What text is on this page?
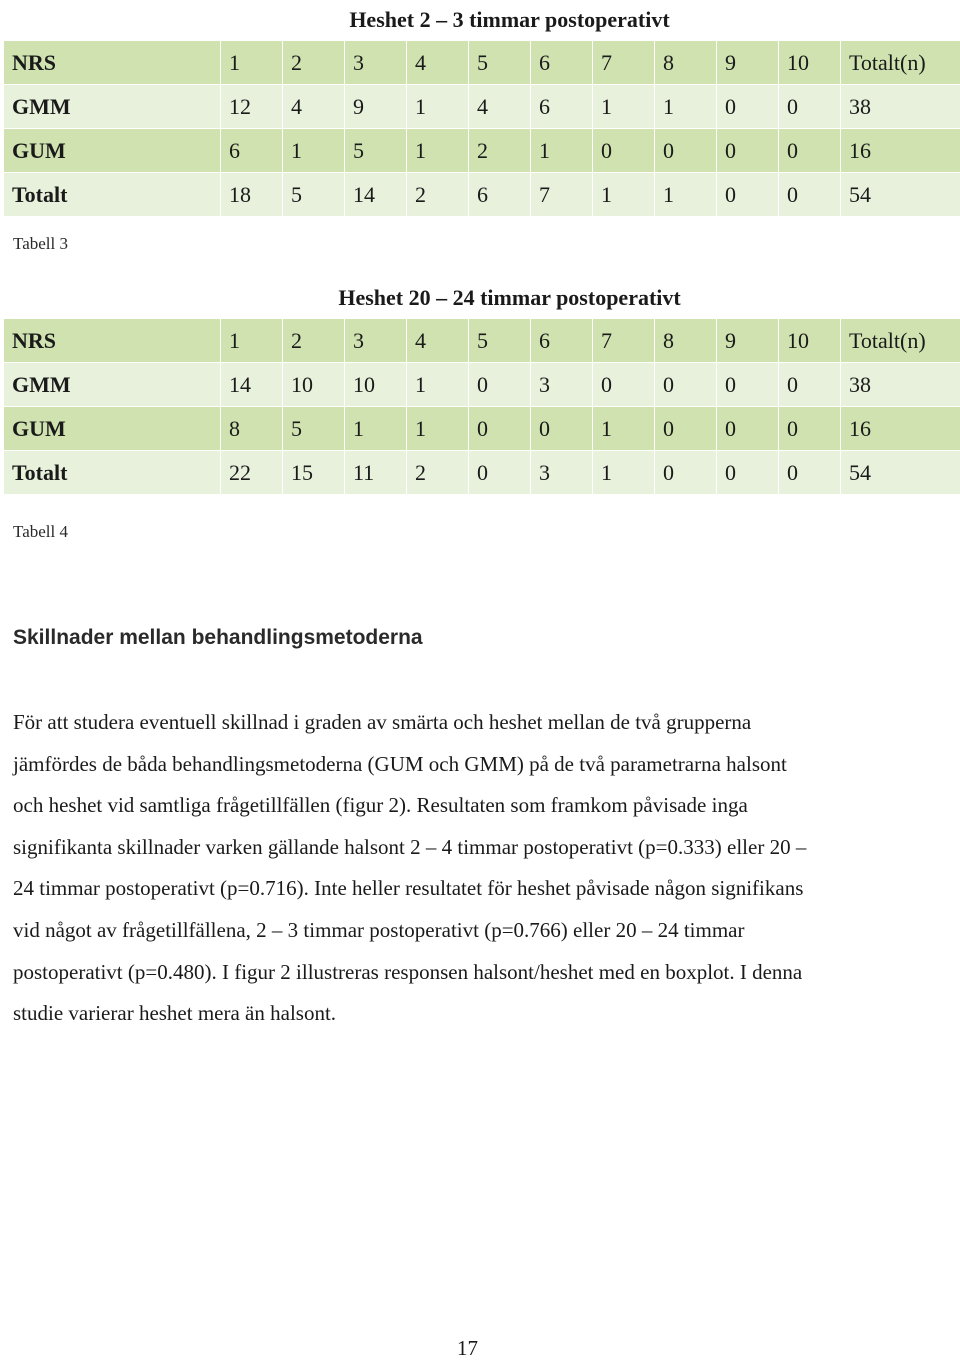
Heshet 2 – 3 timmar postoperativt											
NRS	1	2	3	4	5	6	7	8	9	10	Totalt(n)
GMM	12	4	9	1	4	6	1	1	0	0	38
GUM	6	1	5	1	2	1	0	0	0	0	16
Totalt	18	5	14	2	6	7	1	1	0	0	54
Tabell 3
Heshet 20 – 24 timmar postoperativt											
NRS	1	2	3	4	5	6	7	8	9	10	Totalt(n)
GMM	14	10	10	1	0	3	0	0	0	0	38
GUM	8	5	1	1	0	0	1	0	0	0	16
Totalt	22	15	11	2	0	3	1	0	0	0	54
Tabell 4
Skillnader mellan behandlingsmetoderna
För att studera eventuell skillnad i graden av smärta och heshet mellan de två grupperna
jämfördes de båda behandlingsmetoderna (GUM och GMM) på de två parametrarna halsont
och heshet vid samtliga frågetillfällen (figur 2). Resultaten som framkom påvisade inga
signifikanta skillnader varken gällande halsont 2 – 4 timmar postoperativt (p=0.333) eller 20 –
24 timmar postoperativt (p=0.716). Inte heller resultatet för heshet påvisade någon signifikans
vid något av frågetillfällena, 2 – 3 timmar postoperativt (p=0.766) eller 20 – 24 timmar
postoperativt (p=0.480). I figur 2 illustreras responsen halsont/heshet med en boxplot. I denna
studie varierar heshet mera än halsont.
17
